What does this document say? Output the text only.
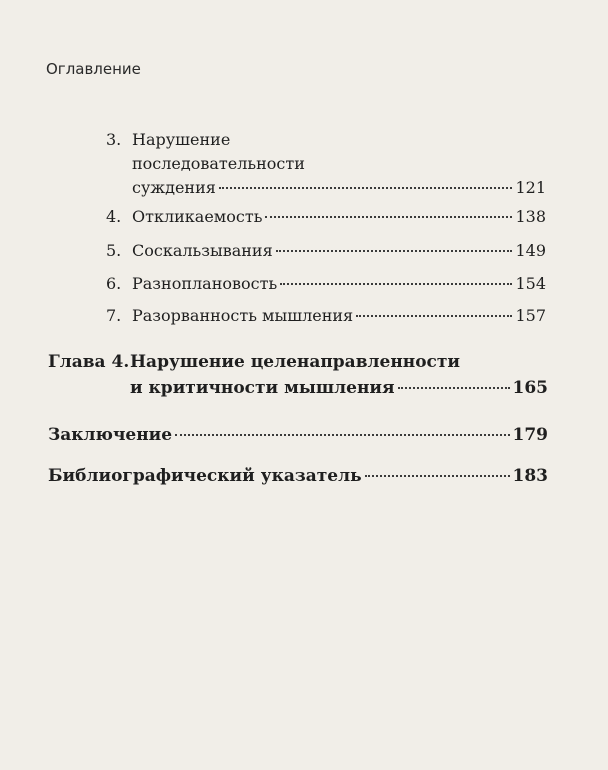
Оглавление
3. Нарушение
последовательности
суждения	121
4. Откликаемость	138
5. Соскальзывания	149
6. Разноплановость	154
7. Разорванность мышления	157
Глава 4. Нарушение целенаправленности
и критичности мышления	165
Заключение	179
Библиографический указатель	183
